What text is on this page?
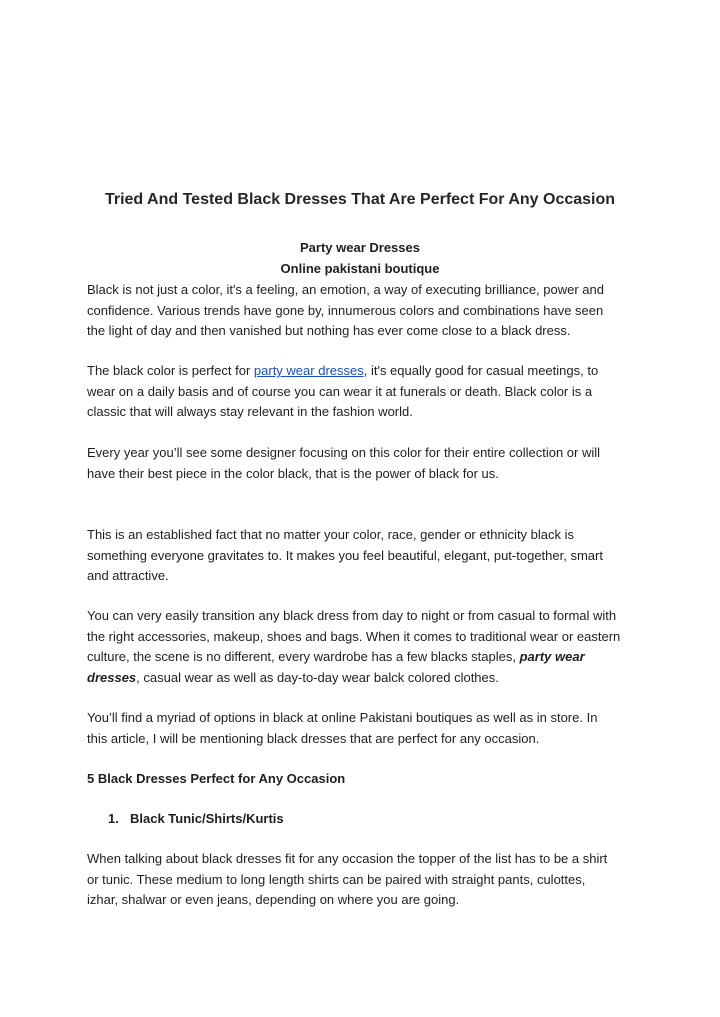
Tried And Tested Black Dresses That Are Perfect For Any Occasion

Party wear Dresses

Online pakistani boutique

Black is not just a color, it's a feeling, an emotion, a way of executing brilliance, power and
confidence. Various trends have gone by, innumerous colors and combinations have seen
the light of day and then vanished but nothing has ever come close to a black dress.
The black color is perfect for party wear dresses, it's equally good for casual meetings, to
wear on a daily basis and of course you can wear it at funerals or death. Black color is a
classic that will always stay relevant in the fashion world.
Every year you’ll see some designer focusing on this color for their entire collection or will
have their best piece in the color black, that is the power of black for us.
This is an established fact that no matter your color, race, gender or ethnicity black is
something everyone gravitates to. It makes you feel beautiful, elegant, put-together, smart
and attractive.
You can very easily transition any black dress from day to night or from casual to formal with
the right accessories, makeup, shoes and bags. When it comes to traditional wear or eastern
culture, the scene is no different, every wardrobe has a few blacks staples, party wear
dresses, casual wear as well as day-to-day wear balck colored clothes.
You’ll find a myriad of options in black at online Pakistani boutiques as well as in store. In
this article, I will be mentioning black dresses that are perfect for any occasion.

5 Black Dresses Perfect for Any Occasion

1. Black Tunic/Shirts/Kurtis

When talking about black dresses fit for any occasion the topper of the list has to be a shirt
or tunic. These medium to long length shirts can be paired with straight pants, culottes,
izhar, shalwar or even jeans, depending on where you are going.
